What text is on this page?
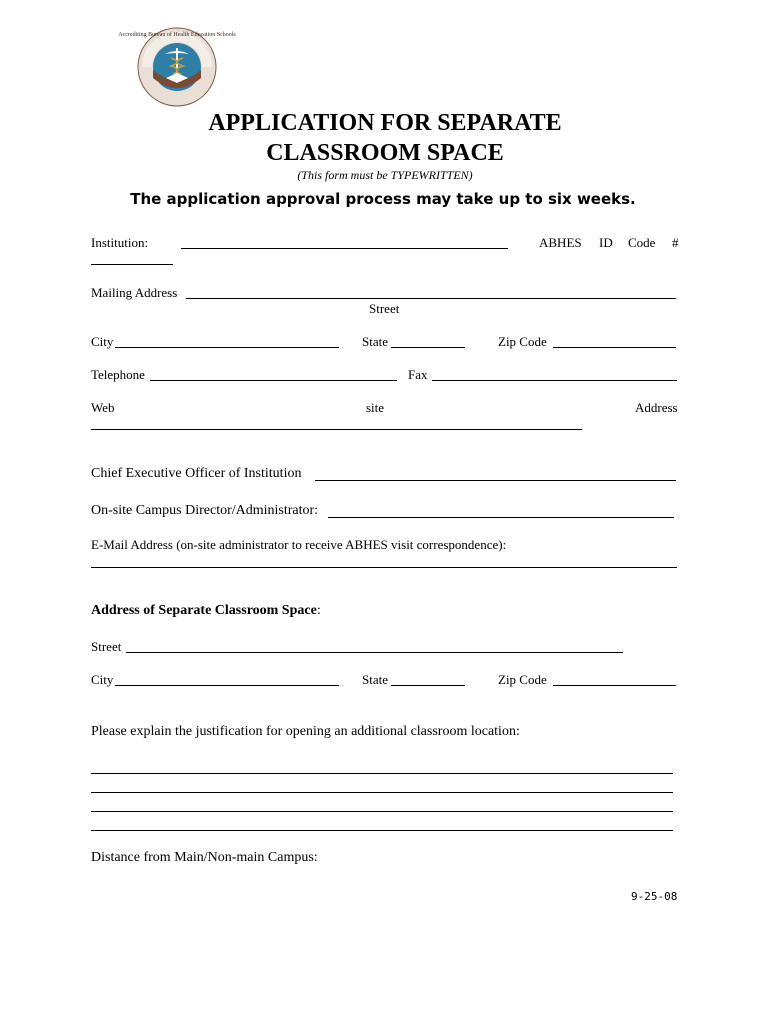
Accrediting Bureau of Health Education Schools
APPLICATION FOR SEPARATE
CLASSROOM SPACE
(This form must be TYPEWRITTEN)
The application approval process may take up to six weeks.
Institution:	ABHES ID Code #
Mailing Address
Street
City	State	Zip Code
Telephone	Fax
Web	site	Address
Chief Executive Officer of Institution
On-site Campus Director/Administrator:
E-Mail Address (on-site administrator to receive ABHES visit correspondence):
Address of Separate Classroom Space:
Street
City	State	Zip Code
Please explain the justification for opening an additional classroom location:
Distance from Main/Non-main Campus:
9-25-08
